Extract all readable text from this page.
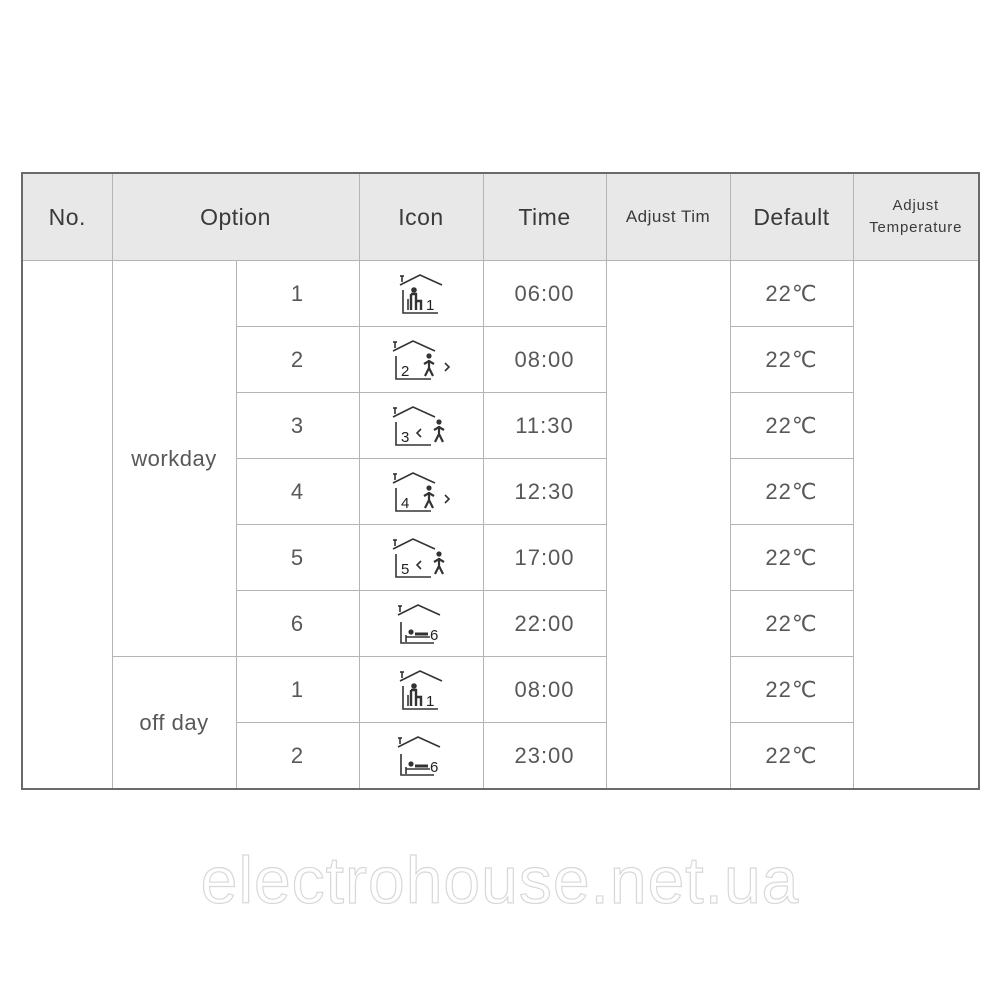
No.	Option		Icon	Time	Adjust Tim	Default	Adjust
Temperature
	workday	1	1	06:00		22℃	
		2	2	08:00		22℃	
		3	3	11:30		22℃	
		4	4	12:30		22℃	
		5	5	17:00		22℃	
		6	6	22:00		22℃	
	off day	1	1	08:00		22℃	
		2	6	23:00		22℃	
electrohouse.net.ua
